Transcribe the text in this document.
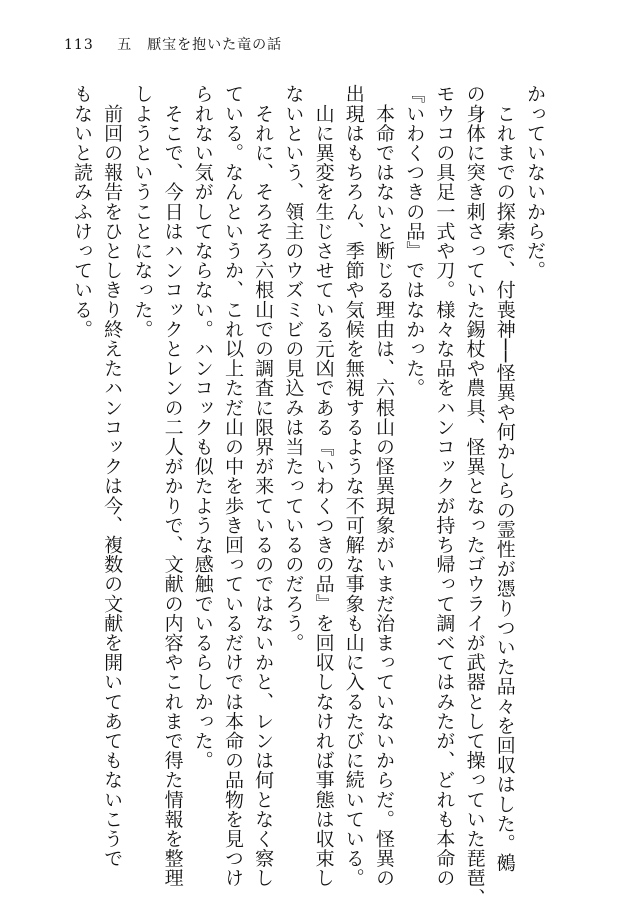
113 五　厭宝を抱いた竜の話

かっていないからだ。

　これまでの探索で、付喪神──怪異や何かしらの霊性が憑りついた品々を回収はした。鵺

の身体に突き刺さっていた錫杖や農具、怪異となったゴウライが武器として操っていた琵琶、

モウコの具足一式や刀。様々な品をハンコックが持ち帰って調べてはみたが、どれも本命の

『いわくつきの品』ではなかった。

　本命ではないと断じる理由は、六根山の怪異現象がいまだ治まっていないからだ。怪異の

出現はもちろん、季節や気候を無視するような不可解な事象も山に入るたびに続いている。

　山に異変を生じさせている元凶である『いわくつきの品』を回収しなければ事態は収束し

ないという、領主のウズミビの見込みは当たっているのだろう。

　それに、そろそろ六根山での調査に限界が来ているのではないかと、レンは何となく察し

ている。なんというか、これ以上ただ山の中を歩き回っているだけでは本命の品物を見つけ

られない気がしてならない。ハンコックも似たような感触でいるらしかった。

　そこで、今日はハンコックとレンの二人がかりで、文献の内容やこれまで得た情報を整理

しようということになった。

　前回の報告をひとしきり終えたハンコックは今、複数の文献を開いてあてもないこうで

もないと読みふけっている。
